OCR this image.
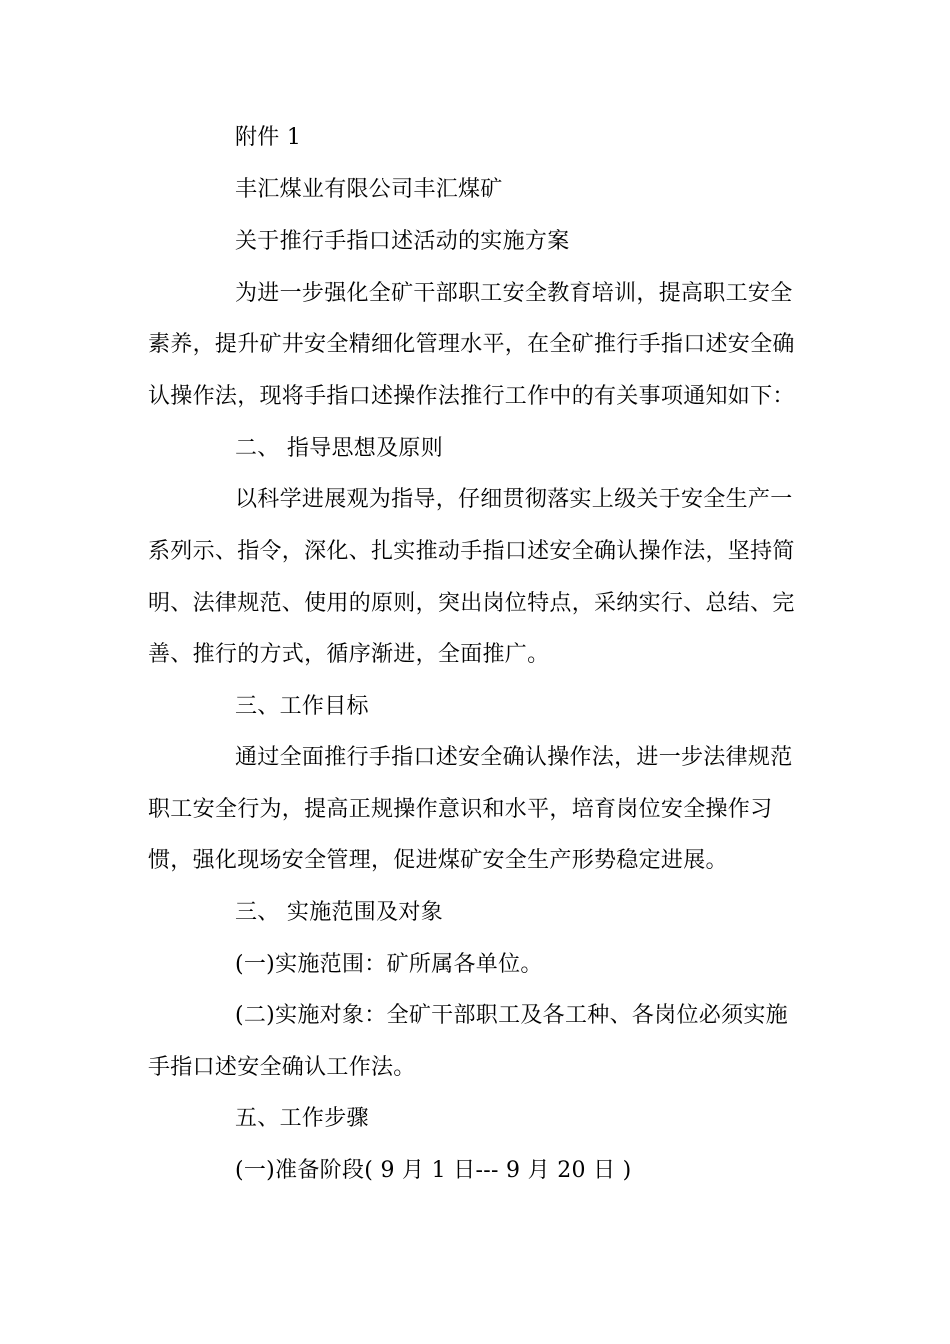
附件 1
丰汇煤业有限公司丰汇煤矿
关于推行手指口述活动的实施方案
为进一步强化全矿干部职工安全教育培训，提高职工安全
素养，提升矿井安全精细化管理水平，在全矿推行手指口述安全确
认操作法，现将手指口述操作法推行工作中的有关事项通知如下：
二、 指导思想及原则
以科学进展观为指导，仔细贯彻落实上级关于安全生产一
系列示、指令，深化、扎实推动手指口述安全确认操作法，坚持简
明、法律规范、使用的原则，突出岗位特点，采纳实行、总结、完
善、推行的方式，循序渐进，全面推广。
三、工作目标
通过全面推行手指口述安全确认操作法，进一步法律规范
职工安全行为，提高正规操作意识和水平，培育岗位安全操作习
惯，强化现场安全管理，促进煤矿安全生产形势稳定进展。
三、 实施范围及对象
(一)实施范围：矿所属各单位。
(二)实施对象：全矿干部职工及各工种、各岗位必须实施
手指口述安全确认工作法。
五、工作步骤
(一)准备阶段( 9 月 1 日--- 9 月 20 日 )
